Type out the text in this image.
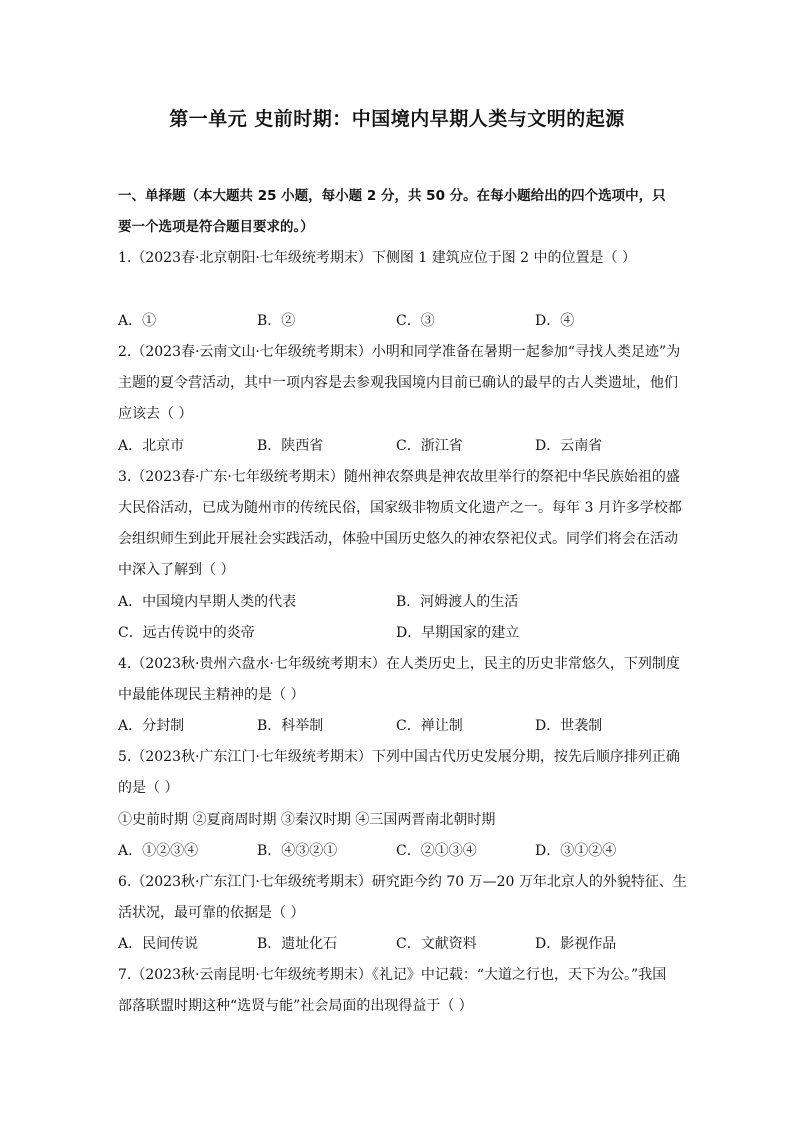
第一单元 史前时期：中国境内早期人类与文明的起源
一、单择题（本大题共 25 小题，每小题 2 分，共 50 分。在每小题给出的四个选项中，只
要一个选项是符合题目要求的。）
1.（2023春·北京朝阳·七年级统考期末）下侧图 1 建筑应位于图 2 中的位置是（ ）
A．①	B．②	C．③	D．④
2.（2023春·云南文山·七年级统考期末）小明和同学准备在暑期一起参加“寻找人类足迹”为
主题的夏令营活动，其中一项内容是去参观我国境内目前已确认的最早的古人类遗址，他们
应该去（ ）
A．北京市	B．陕西省	C．浙江省	D．云南省
3.（2023春·广东·七年级统考期末）随州神农祭典是神农故里举行的祭祀中华民族始祖的盛
大民俗活动，已成为随州市的传统民俗，国家级非物质文化遗产之一。每年 3 月许多学校都
会组织师生到此开展社会实践活动，体验中国历史悠久的神农祭祀仪式。同学们将会在活动
中深入了解到（ ）
A．中国境内早期人类的代表	B．河姆渡人的生活
C．远古传说中的炎帝	D．早期国家的建立
4.（2023秋·贵州六盘水·七年级统考期末）在人类历史上，民主的历史非常悠久，下列制度
中最能体现民主精神的是（ ）
A．分封制	B．科举制	C．禅让制	D．世袭制
5.（2023秋·广东江门·七年级统考期末）下列中国古代历史发展分期，按先后顺序排列正确
的是（ ）
①史前时期 ②夏商周时期 ③秦汉时期 ④三国两晋南北朝时期
A．①②③④	B．④③②①	C．②①③④	D．③①②④
6.（2023秋·广东江门·七年级统考期末）研究距今约 70 万—20 万年北京人的外貌特征、生
活状况，最可靠的依据是（ ）
A．民间传说	B．遗址化石	C．文献资料	D．影视作品
7.（2023秋·云南昆明·七年级统考期末）《礼记》中记载：“大道之行也，天下为公。”我国
部落联盟时期这种“选贤与能”社会局面的出现得益于（ ）
